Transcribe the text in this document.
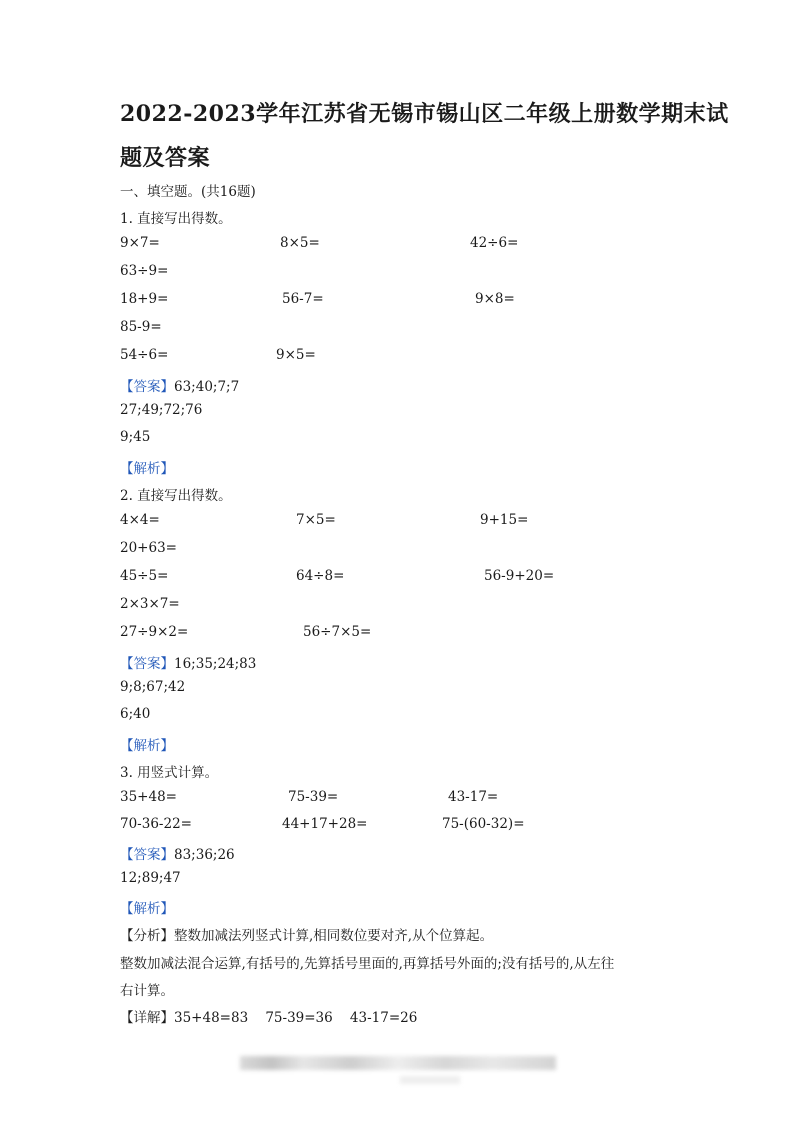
2022-2023学年江苏省无锡市锡山区二年级上册数学期末试
题及答案
一、填空题。(共16题)
1. 直接写出得数。
9×7=	8×5=	42÷6=
63÷9=
18+9=	56-7=	9×8=
85-9=
54÷6=	9×5=
【答案】63;40;7;7
27;49;72;76
9;45
【解析】
2. 直接写出得数。
4×4=	7×5=	9+15=
20+63=
45÷5=	64÷8=	56-9+20=
2×3×7=
27÷9×2=	56÷7×5=
【答案】16;35;24;83
9;8;67;42
6;40
【解析】
3. 用竖式计算。
35+48=	75-39=	43-17=
70-36-22=	44+17+28=	75-(60-32)=
【答案】83;36;26
12;89;47
【解析】
【分析】整数加减法列竖式计算,相同数位要对齐,从个位算起。
整数加减法混合运算,有括号的,先算括号里面的,再算括号外面的;没有括号的,从左往
右计算。
【详解】35+48=83    75-39=36    43-17=26
